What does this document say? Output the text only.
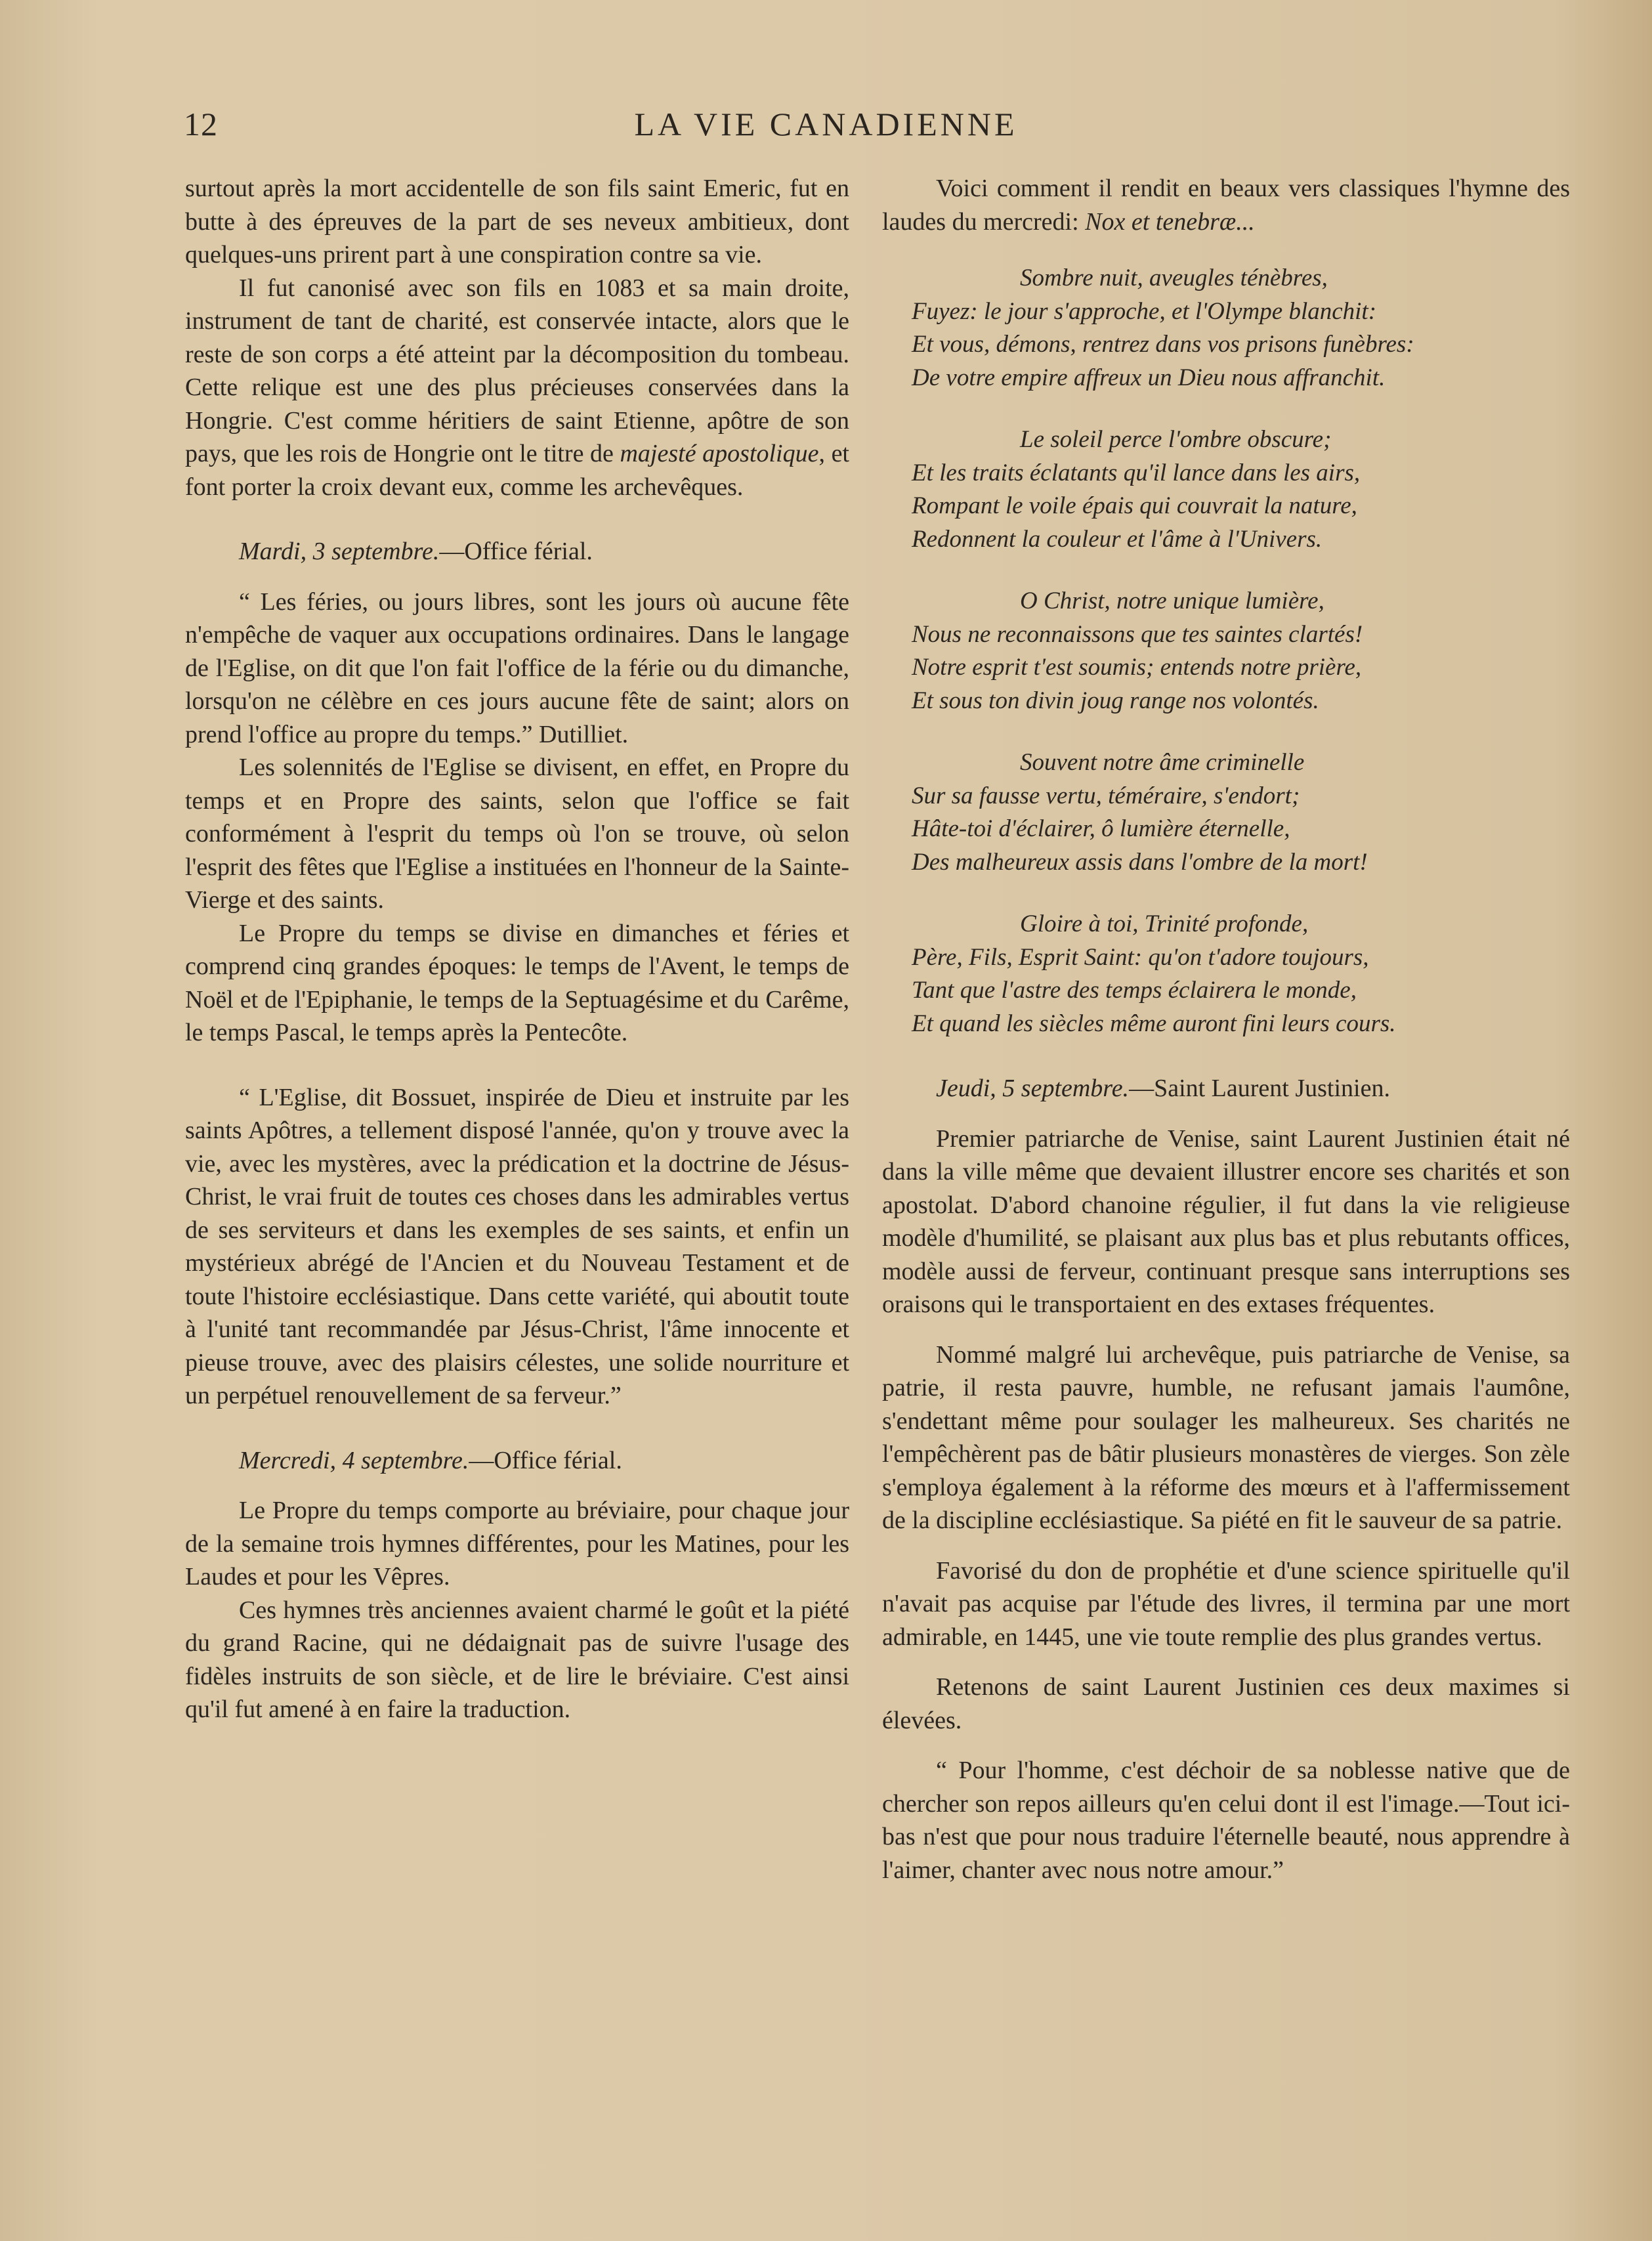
12	LA VIE CANADIENNE

surtout après la mort accidentelle de son fils saint Emeric, fut en butte à des épreuves de la part de ses neveux ambitieux, dont quelques-uns prirent part à une conspiration contre sa vie.

Il fut canonisé avec son fils en 1083 et sa main droite, instrument de tant de charité, est conservée intacte, alors que le reste de son corps a été atteint par la décomposition du tombeau. Cette relique est une des plus précieuses conservées dans la Hongrie. C'est comme héritiers de saint Etienne, apôtre de son pays, que les rois de Hongrie ont le titre de majesté apostolique, et font porter la croix devant eux, comme les archevêques.

Mardi, 3 septembre.—Office férial.

“ Les féries, ou jours libres, sont les jours où aucune fête n'empêche de vaquer aux occupations ordinaires. Dans le langage de l'Eglise, on dit que l'on fait l'office de la férie ou du dimanche, lorsqu'on ne célèbre en ces jours aucune fête de saint; alors on prend l'office au propre du temps.” Dutilliet.

Les solennités de l'Eglise se divisent, en effet, en Propre du temps et en Propre des saints, selon que l'office se fait conformément à l'esprit du temps où l'on se trouve, où selon l'esprit des fêtes que l'Eglise a instituées en l'honneur de la Sainte-Vierge et des saints.

Le Propre du temps se divise en dimanches et féries et comprend cinq grandes époques: le temps de l'Avent, le temps de Noël et de l'Epiphanie, le temps de la Septuagésime et du Carême, le temps Pascal, le temps après la Pentecôte.

“ L'Eglise, dit Bossuet, inspirée de Dieu et instruite par les saints Apôtres, a tellement disposé l'année, qu'on y trouve avec la vie, avec les mystères, avec la prédication et la doctrine de Jésus-Christ, le vrai fruit de toutes ces choses dans les admirables vertus de ses serviteurs et dans les exemples de ses saints, et enfin un mystérieux abrégé de l'Ancien et du Nouveau Testament et de toute l'histoire ecclésiastique. Dans cette variété, qui aboutit toute à l'unité tant recommandée par Jésus-Christ, l'âme innocente et pieuse trouve, avec des plaisirs célestes, une solide nourriture et un perpétuel renouvellement de sa ferveur.”

Mercredi, 4 septembre.—Office férial.

Le Propre du temps comporte au bréviaire, pour chaque jour de la semaine trois hymnes différentes, pour les Matines, pour les Laudes et pour les Vêpres.

Ces hymnes très anciennes avaient charmé le goût et la piété du grand Racine, qui ne dédaignait pas de suivre l'usage des fidèles instruits de son siècle, et de lire le bréviaire. C'est ainsi qu'il fut amené à en faire la traduction.

Voici comment il rendit en beaux vers classiques l'hymne des laudes du mercredi: Nox et tenebræ...

Sombre nuit, aveugles ténèbres,
Fuyez: le jour s'approche, et l'Olympe blanchit:
Et vous, démons, rentrez dans vos prisons funèbres:
De votre empire affreux un Dieu nous affranchit.
Le soleil perce l'ombre obscure;
Et les traits éclatants qu'il lance dans les airs,
Rompant le voile épais qui couvrait la nature,
Redonnent la couleur et l'âme à l'Univers.
O Christ, notre unique lumière,
Nous ne reconnaissons que tes saintes clartés!
Notre esprit t'est soumis; entends notre prière,
Et sous ton divin joug range nos volontés.
Souvent notre âme criminelle
Sur sa fausse vertu, téméraire, s'endort;
Hâte-toi d'éclairer, ô lumière éternelle,
Des malheureux assis dans l'ombre de la mort!
Gloire à toi, Trinité profonde,
Père, Fils, Esprit Saint: qu'on t'adore toujours,
Tant que l'astre des temps éclairera le monde,
Et quand les siècles même auront fini leurs cours.

Jeudi, 5 septembre.—Saint Laurent Justinien.

Premier patriarche de Venise, saint Laurent Justinien était né dans la ville même que devaient illustrer encore ses charités et son apostolat. D'abord chanoine régulier, il fut dans la vie religieuse modèle d'humilité, se plaisant aux plus bas et plus rebutants offices, modèle aussi de ferveur, continuant presque sans interruptions ses oraisons qui le transportaient en des extases fréquentes.

Nommé malgré lui archevêque, puis patriarche de Venise, sa patrie, il resta pauvre, humble, ne refusant jamais l'aumône, s'endettant même pour soulager les malheureux. Ses charités ne l'empêchèrent pas de bâtir plusieurs monastères de vierges. Son zèle s'employa également à la réforme des mœurs et à l'affermissement de la discipline ecclésiastique. Sa piété en fit le sauveur de sa patrie.

Favorisé du don de prophétie et d'une science spirituelle qu'il n'avait pas acquise par l'étude des livres, il termina par une mort admirable, en 1445, une vie toute remplie des plus grandes vertus.

Retenons de saint Laurent Justinien ces deux maximes si élevées.

“ Pour l'homme, c'est déchoir de sa noblesse native que de chercher son repos ailleurs qu'en celui dont il est l'image.—Tout ici-bas n'est que pour nous traduire l'éternelle beauté, nous apprendre à l'aimer, chanter avec nous notre amour.”
